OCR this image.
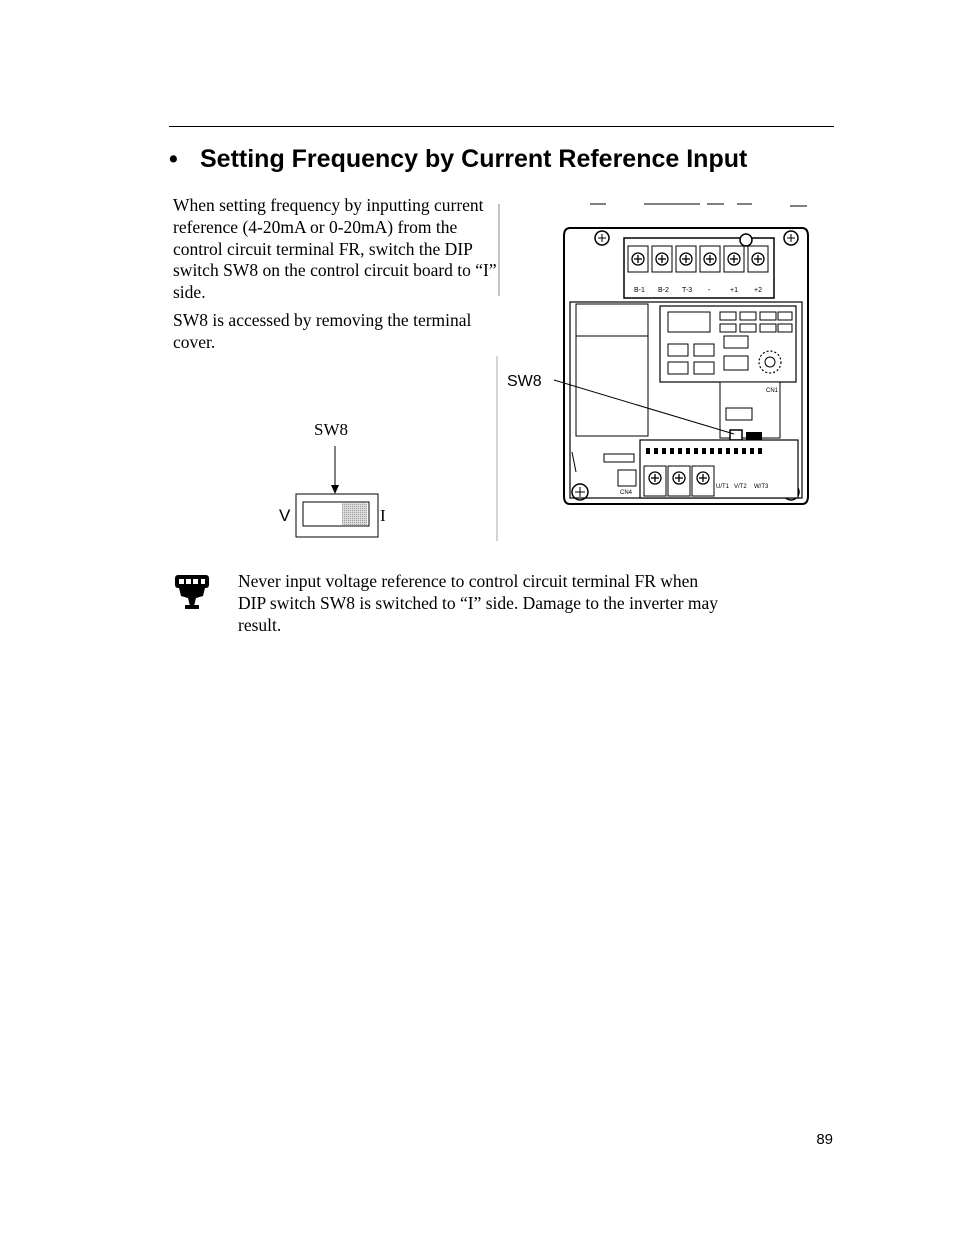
• Setting Frequency by Current Reference Input

When setting frequency by inputting current reference (4-20mA or 0-20mA) from the control circuit terminal FR, switch the DIP switch SW8 on the control circuit board to “I” side.

SW8 is accessed by removing the terminal cover.

SW8
V	I
B-1 B-2 T-3 -	+1 +2
CN1
U/T1 V/T2 W/T3
CN4
SW8

Never input voltage reference to control circuit terminal FR when DIP switch SW8 is switched to “I” side. Damage to the inverter may result.

89
